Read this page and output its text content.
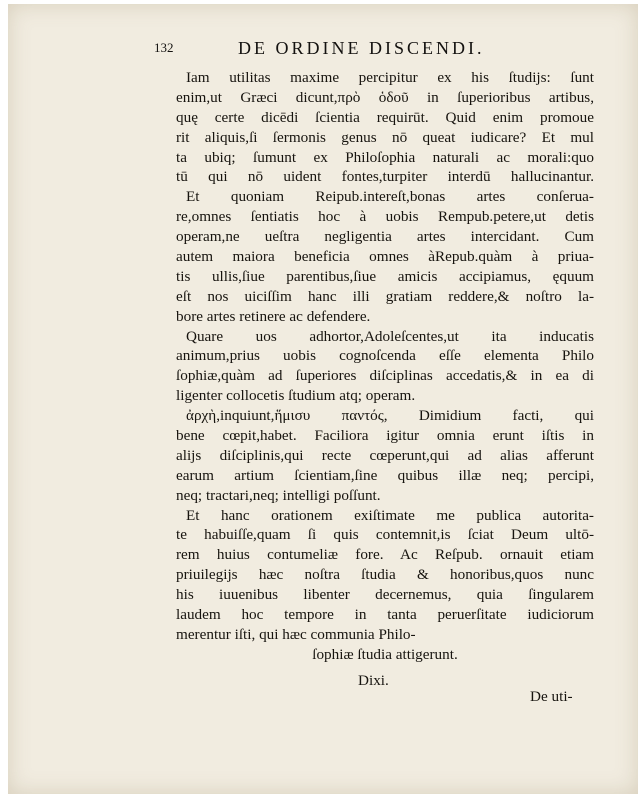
132	DE ORDINE DISCENDI.
Iam utilitas maxime percipitur ex his ſtudijs: ſunt
enim,ut Græci dicunt,πρὸ ὁδοῦ in ſuperioribus artibus,
quę certe dicēdi ſcientia requirūt. Quid enim promoue
rit aliquis,ſi ſermonis genus nō queat iudicare? Et mul
ta ubiq; ſumunt ex Philoſophia naturali ac morali:quo
tū qui nō uident fontes,turpiter interdū hallucinantur.
Et quoniam Reipub.intereſt,bonas artes conſerua-
re,omnes ſentiatis hoc à uobis Rempub.petere,ut detis
operam,ne ueſtra negligentia artes intercidant. Cum
autem maiora beneficia omnes àRepub.quàm à priua-
tis ullis,ſiue parentibus,ſiue amicis accipiamus, ęquum
eſt nos uiciſſim hanc illi gratiam reddere,& noſtro la-
bore artes retinere ac defendere.
Quare uos adhortor,Adoleſcentes,ut ita inducatis
animum,prius uobis cognoſcenda eſſe elementa Philo
ſophiæ,quàm ad ſuperiores diſciplinas accedatis,& in ea di
ligenter collocetis ſtudium atq; operam.
ἀρχὴ,inquiunt,ἥμισυ παντός, Dimidium facti, qui
bene cœpit,habet. Faciliora igitur omnia erunt iſtis in
alijs diſciplinis,qui recte cœperunt,qui ad alias afferunt
earum artium ſcientiam,ſine quibus illæ neq; percipi,
neq; tractari,neq; intelligi poſſunt.
Et hanc orationem exiſtimate me publica autorita-
te habuiſſe,quam ſi quis contemnit,is ſciat Deum ultō-
rem huius contumeliæ fore. Ac Reſpub. ornauit etiam
priuilegijs hæc noſtra ſtudia & honoribus,quos nunc
his iuuenibus libenter decernemus, quia ſingularem
laudem hoc tempore in tanta peruerſitate iudiciorum
merentur iſti, qui hæc communia Philo-
ſophiæ ſtudia attigerunt.
Dixi.
De uti-
